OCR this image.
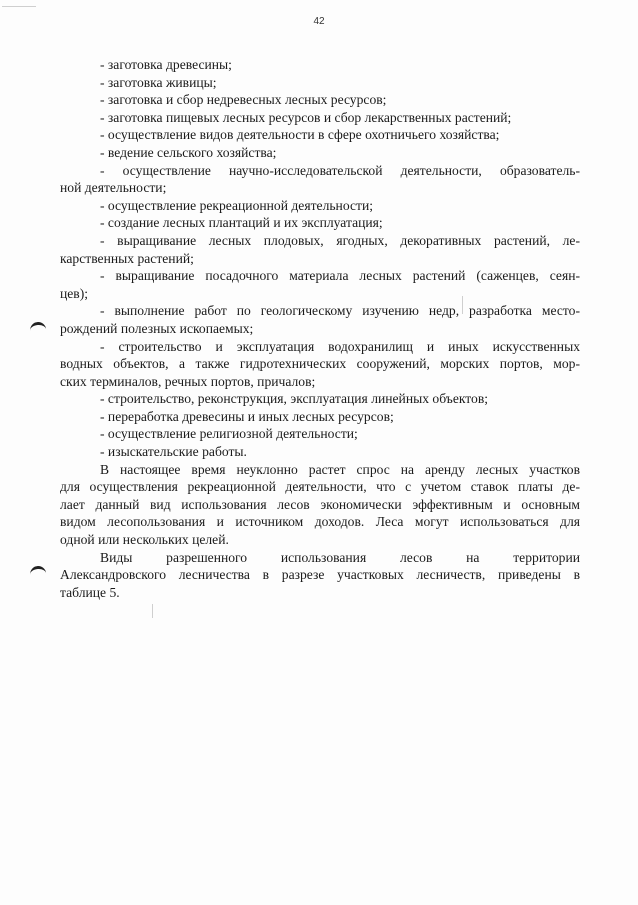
42
- заготовка древесины;
- заготовка живицы;
- заготовка и сбор недревесных лесных ресурсов;
- заготовка пищевых лесных ресурсов и сбор лекарственных растений;
- осуществление видов деятельности в сфере охотничьего хозяйства;
- ведение сельского хозяйства;
- осуществление научно-исследовательской деятельности, образователь-
ной деятельности;
- осуществление рекреационной деятельности;
- создание лесных плантаций и их эксплуатация;
- выращивание лесных плодовых, ягодных, декоративных растений, ле-
карственных растений;
- выращивание посадочного материала лесных растений (саженцев, сеян-
цев);
- выполнение работ по геологическому изучению недр, разработка место-
рождений полезных ископаемых;
- строительство и эксплуатация водохранилищ и иных искусственных
водных объектов, а также гидротехнических сооружений, морских портов, мор-
ских терминалов, речных портов, причалов;
- строительство, реконструкция, эксплуатация линейных объектов;
- переработка древесины и иных лесных ресурсов;
- осуществление религиозной деятельности;
- изыскательские работы.
В настоящее время неуклонно растет спрос на аренду лесных участков
для осуществления рекреационной деятельности, что с учетом ставок платы де-
лает данный вид использования лесов экономически эффективным и основным
видом лесопользования и источником доходов. Леса могут использоваться для
одной или нескольких целей.
Виды разрешенного использования лесов на территории
Александровского лесничества в разрезе участковых лесничеств, приведены в
таблице 5.
